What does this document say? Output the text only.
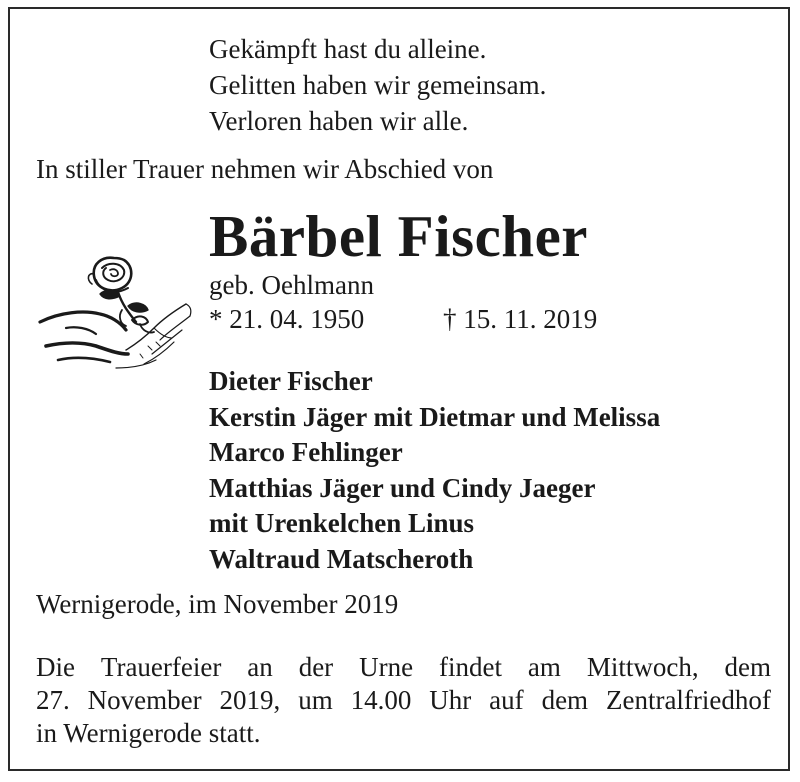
Gekämpft hast du alleine.
Gelitten haben wir gemeinsam.
Verloren haben wir alle.
In stiller Trauer nehmen wir Abschied von
Bärbel Fischer
geb. Oehlmann
* 21. 04. 1950	† 15. 11. 2019
Dieter Fischer
Kerstin Jäger mit Dietmar und Melissa
Marco Fehlinger
Matthias Jäger und Cindy Jaeger
mit Urenkelchen Linus
Waltraud Matscheroth
Wernigerode, im November 2019
Die Trauerfeier an der Urne findet am Mittwoch, dem
27. November 2019, um 14.00 Uhr auf dem Zentralfriedhof
in Wernigerode statt.
